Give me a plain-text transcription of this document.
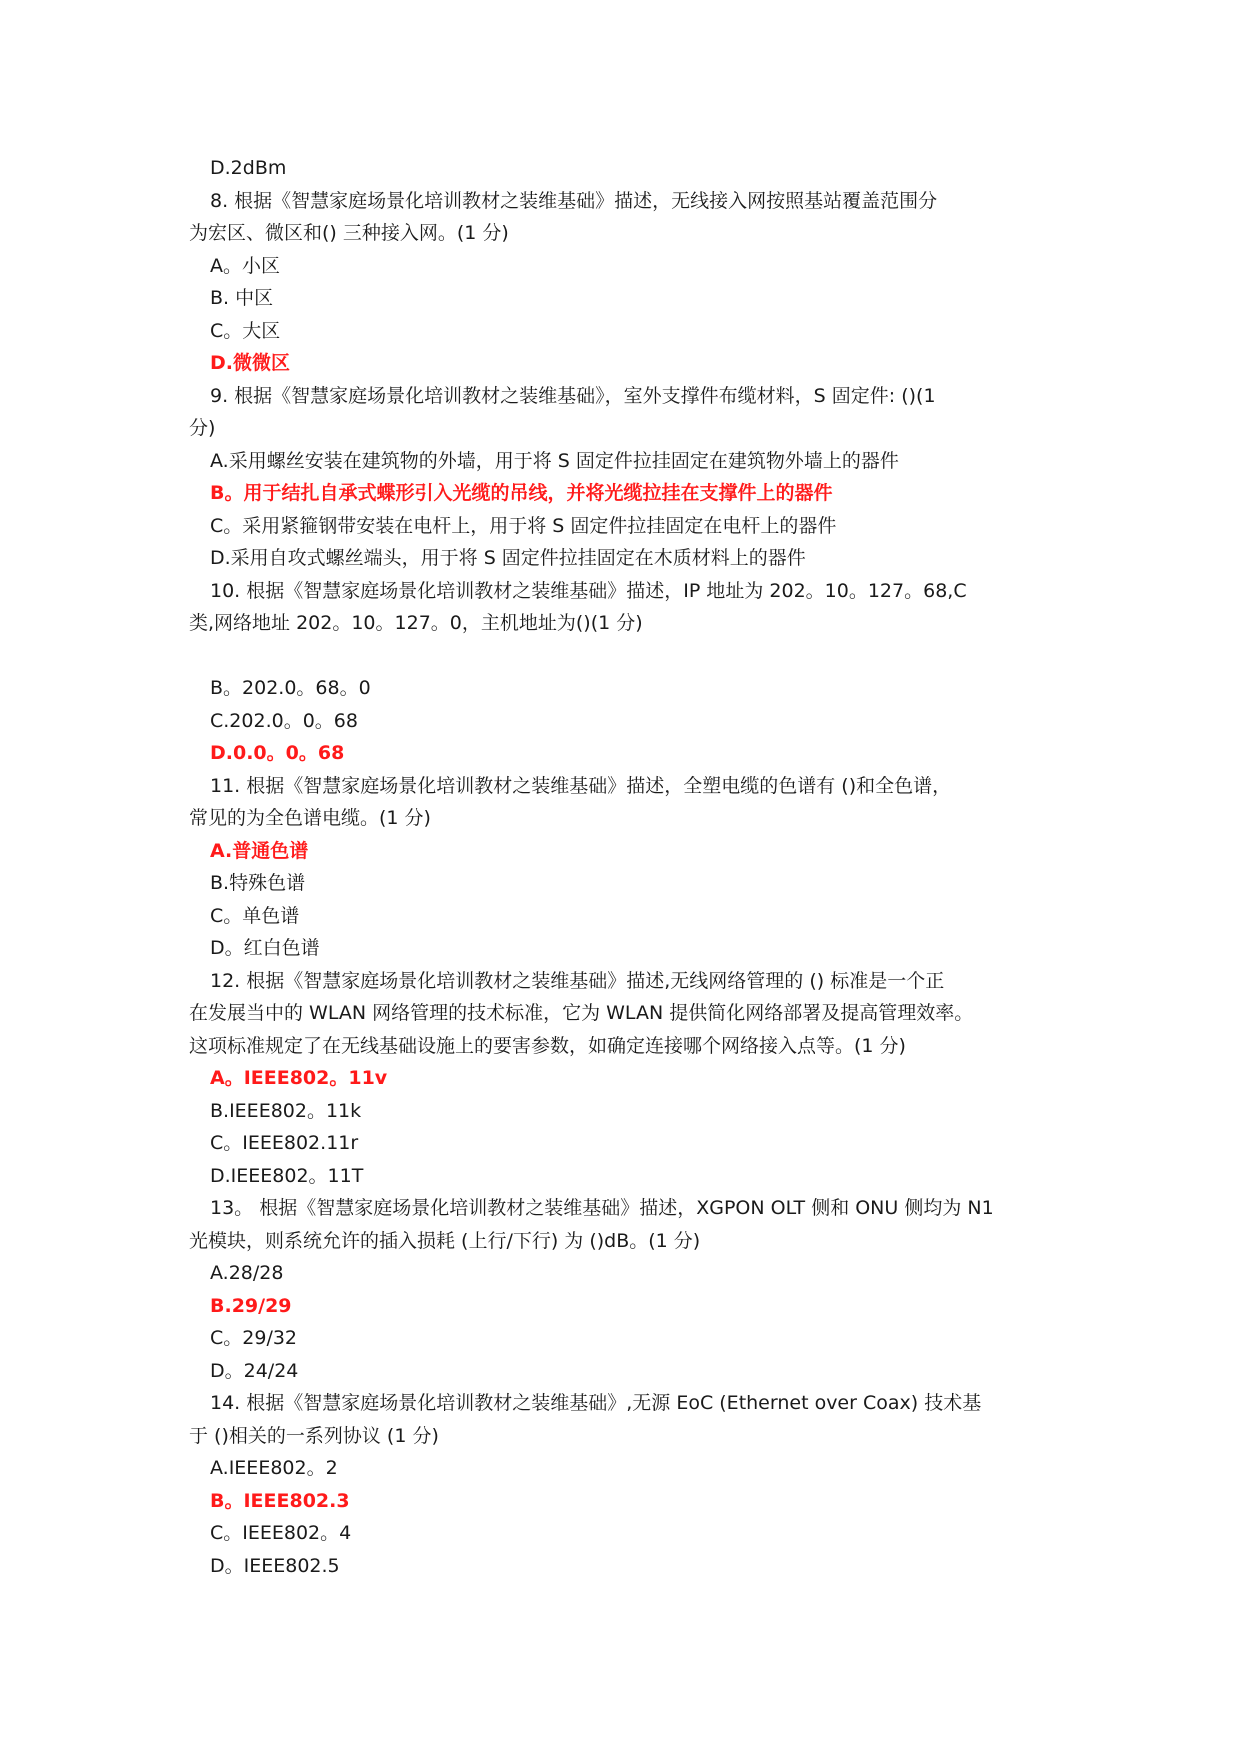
D.2dBm
8. 根据《智慧家庭场景化培训教材之装维基础》描述，无线接入网按照基站覆盖范围分
为宏区、微区和() 三种接入网。(1 分)
A。小区
B. 中区
C。大区
D.微微区
9. 根据《智慧家庭场景化培训教材之装维基础》，室外支撑件布缆材料，S 固定件: ()(1
分)
A.采用螺丝安装在建筑物的外墙，用于将 S 固定件拉挂固定在建筑物外墙上的器件
B。用于结扎自承式蝶形引入光缆的吊线，并将光缆拉挂在支撑件上的器件
C。采用紧箍钢带安装在电杆上，用于将 S 固定件拉挂固定在电杆上的器件
D.采用自攻式螺丝端头，用于将 S 固定件拉挂固定在木质材料上的器件
10. 根据《智慧家庭场景化培训教材之装维基础》描述，IP 地址为 202。10。127。68,C
类,网络地址 202。10。127。0，主机地址为()(1 分)
B。202.0。68。0
C.202.0。0。68
D.0.0。0。68
11. 根据《智慧家庭场景化培训教材之装维基础》描述，全塑电缆的色谱有 ()和全色谱，
常见的为全色谱电缆。(1 分)
A.普通色谱
B.特殊色谱
C。单色谱
D。红白色谱
12. 根据《智慧家庭场景化培训教材之装维基础》描述,无线网络管理的 () 标准是一个正
在发展当中的 WLAN 网络管理的技术标准，它为 WLAN 提供简化网络部署及提高管理效率。
这项标准规定了在无线基础设施上的要害参数，如确定连接哪个网络接入点等。(1 分)
A。IEEE802。11v
B.IEEE802。11k
C。IEEE802.11r
D.IEEE802。11T
13。 根据《智慧家庭场景化培训教材之装维基础》描述，XGPON OLT 侧和 ONU 侧均为 N1
光模块，则系统允许的插入损耗 (上行/下行) 为 ()dB。(1 分)
A.28/28
B.29/29
C。29/32
D。24/24
14. 根据《智慧家庭场景化培训教材之装维基础》,无源 EoC (Ethernet over Coax) 技术基
于 ()相关的一系列协议 (1 分)
A.IEEE802。2
B。IEEE802.3
C。IEEE802。4
D。IEEE802.5
